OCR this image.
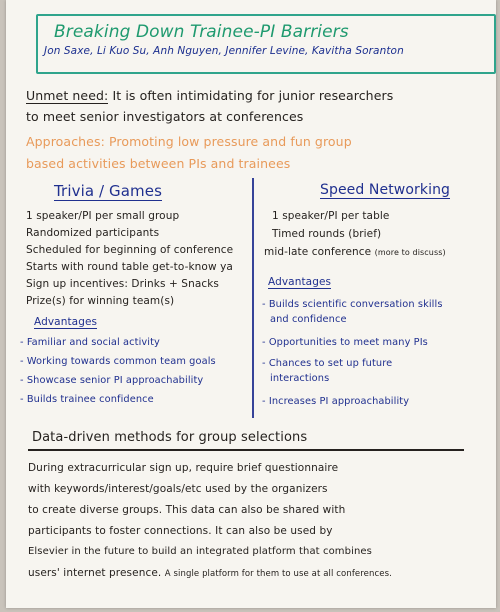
Breaking Down Trainee-PI Barriers
Jon Saxe, Li Kuo Su, Anh Nguyen, Jennifer Levine, Kavitha Soranton
Unmet need: It is often intimidating for junior researchers
to meet senior investigators at conferences
Approaches: Promoting low pressure and fun group
based activities between PIs and trainees
Trivia / Games
1 speaker/PI per small group
Randomized participants
Scheduled for beginning of conference
Starts with round table get-to-know ya
Sign up incentives: Drinks + Snacks
Prize(s) for winning team(s)
Advantages
- Familiar and social activity
- Working towards common team goals
- Showcase senior PI approachability
- Builds trainee confidence
Speed Networking
1 speaker/PI per table
Timed rounds (brief)
mid-late conference (more to discuss)
Advantages
- Builds scientific conversation skills
and confidence
- Opportunities to meet many PIs
- Chances to set up future
interactions
- Increases PI approachability
Data-driven methods for group selections
During extracurricular sign up, require brief questionnaire
with keywords/interest/goals/etc used by the organizers
to create diverse groups. This data can also be shared with
participants to foster connections. It can also be used by
Elsevier in the future to build an integrated platform that combines
users' internet presence. A single platform for them to use at all conferences.
